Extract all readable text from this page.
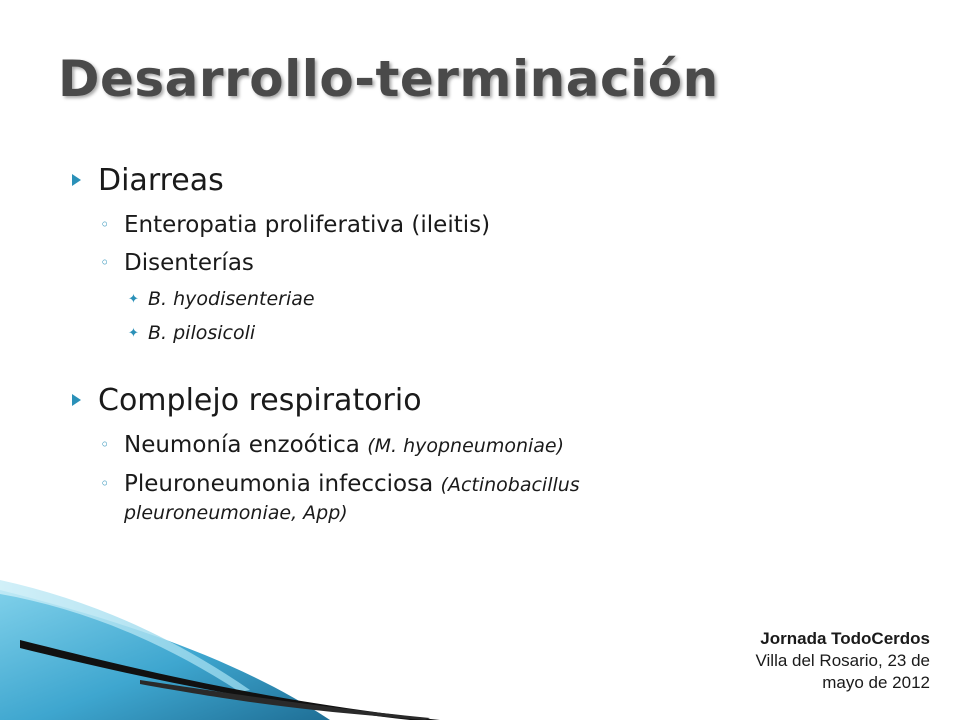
Desarrollo-terminación
Diarreas
◦ Enteropatia proliferativa (ileitis)
◦ Disenterías
✦ B. hyodisenteriae
✦ B. pilosicoli
Complejo respiratorio
◦ Neumonía enzoótica (M. hyopneumoniae)
◦ Pleuroneumonia infecciosa (Actinobacillus
pleuroneumoniae, App)
Jornada TodoCerdos
Villa del Rosario, 23 de
mayo de 2012
